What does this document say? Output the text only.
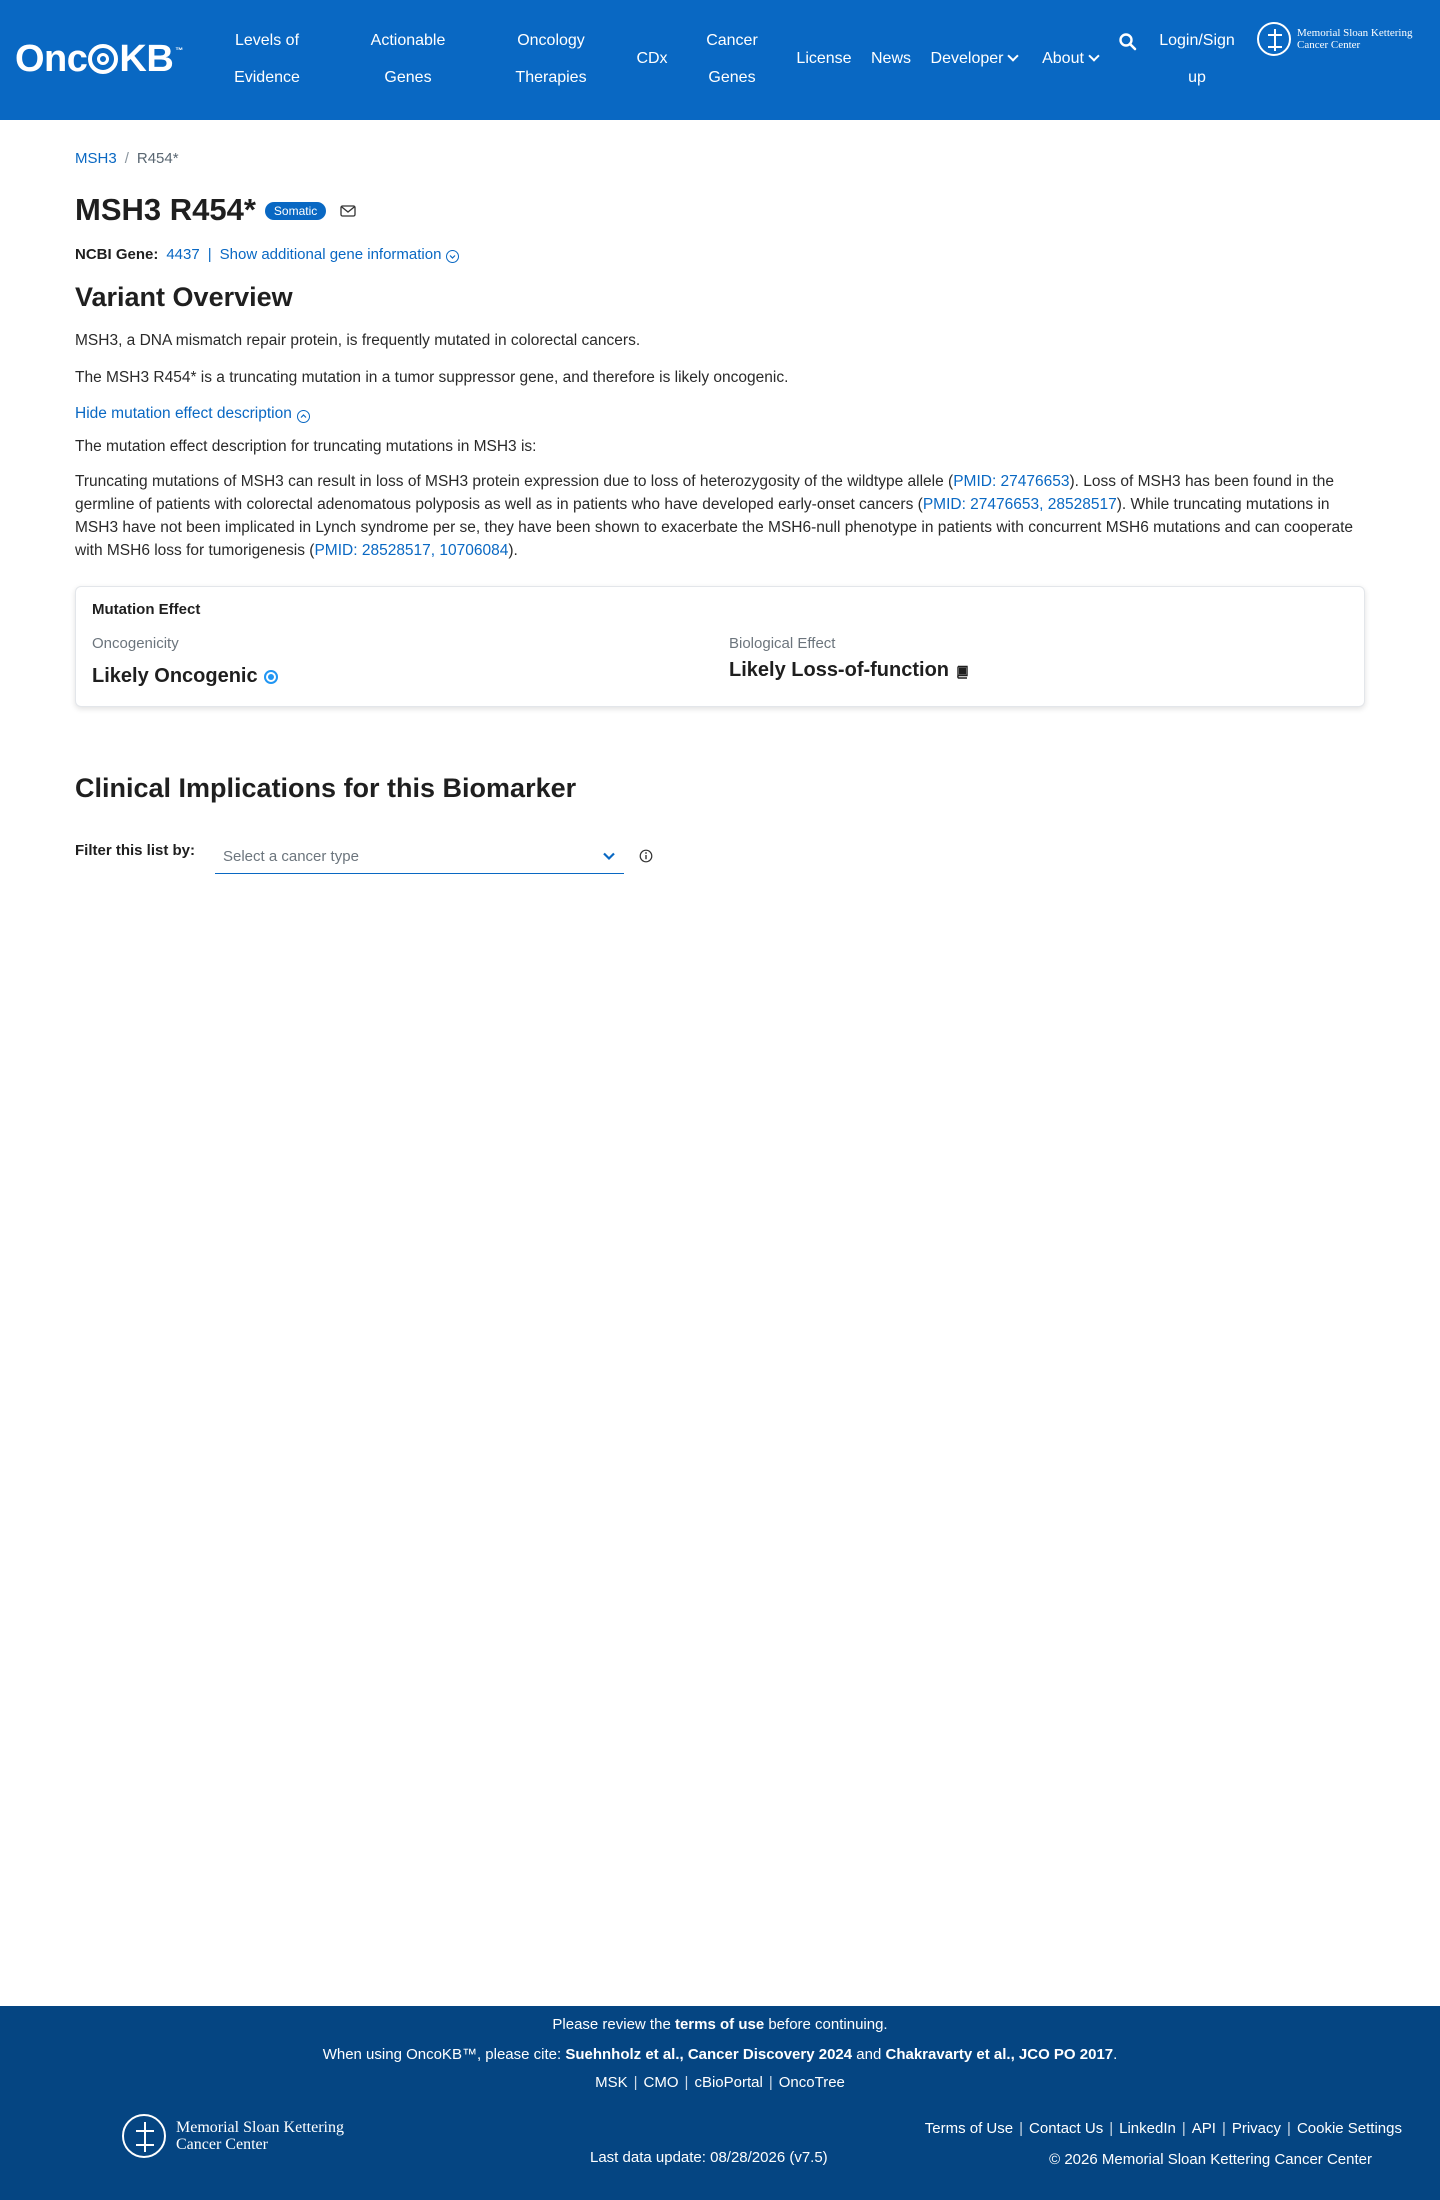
Onc KB ™
Levels of
Evidence
Actionable
Genes
Oncology
Therapies
CDx
Cancer
Genes
License News Developer	About
Login/Sign
up
Memorial Sloan Kettering
Cancer Center
MSH3 / R454*
MSH3 R454*	Somatic
NCBI Gene: 4437 | Show additional gene information
Variant Overview
MSH3, a DNA mismatch repair protein, is frequently mutated in colorectal cancers.
The MSH3 R454* is a truncating mutation in a tumor suppressor gene, and therefore is likely oncogenic.
Hide mutation effect description
The mutation effect description for truncating mutations in MSH3 is:
Truncating mutations of MSH3 can result in loss of MSH3 protein expression due to loss of heterozygosity of the wildtype allele (PMID: 27476653). Loss of MSH3 has been found in the germline of patients with colorectal adenomatous polyposis as well as in patients who have developed early-onset cancers (PMID: 27476653, 28528517). While truncating mutations in MSH3 have not been implicated in Lynch syndrome per se, they have been shown to exacerbate the MSH6-null phenotype in patients with concurrent MSH6 mutations and can cooperate with MSH6 loss for tumorigenesis (PMID: 28528517, 10706084).
Mutation Effect
Oncogenicity
Likely Oncogenic
Biological Effect
Likely Loss-of-function
Clinical Implications for this Biomarker
Filter this list by: Select a cancer type
Please review the terms of use before continuing.
When using OncoKB™, please cite: Suehnholz et al., Cancer Discovery 2024 and Chakravarty et al., JCO PO 2017.
MSK | CMO | cBioPortal | OncoTree
Memorial Sloan Kettering
Cancer Center
Last data update: 08/28/2026 (v7.5)
Terms of Use | Contact Us | LinkedIn | API | Privacy | Cookie Settings
© 2026 Memorial Sloan Kettering Cancer Center
